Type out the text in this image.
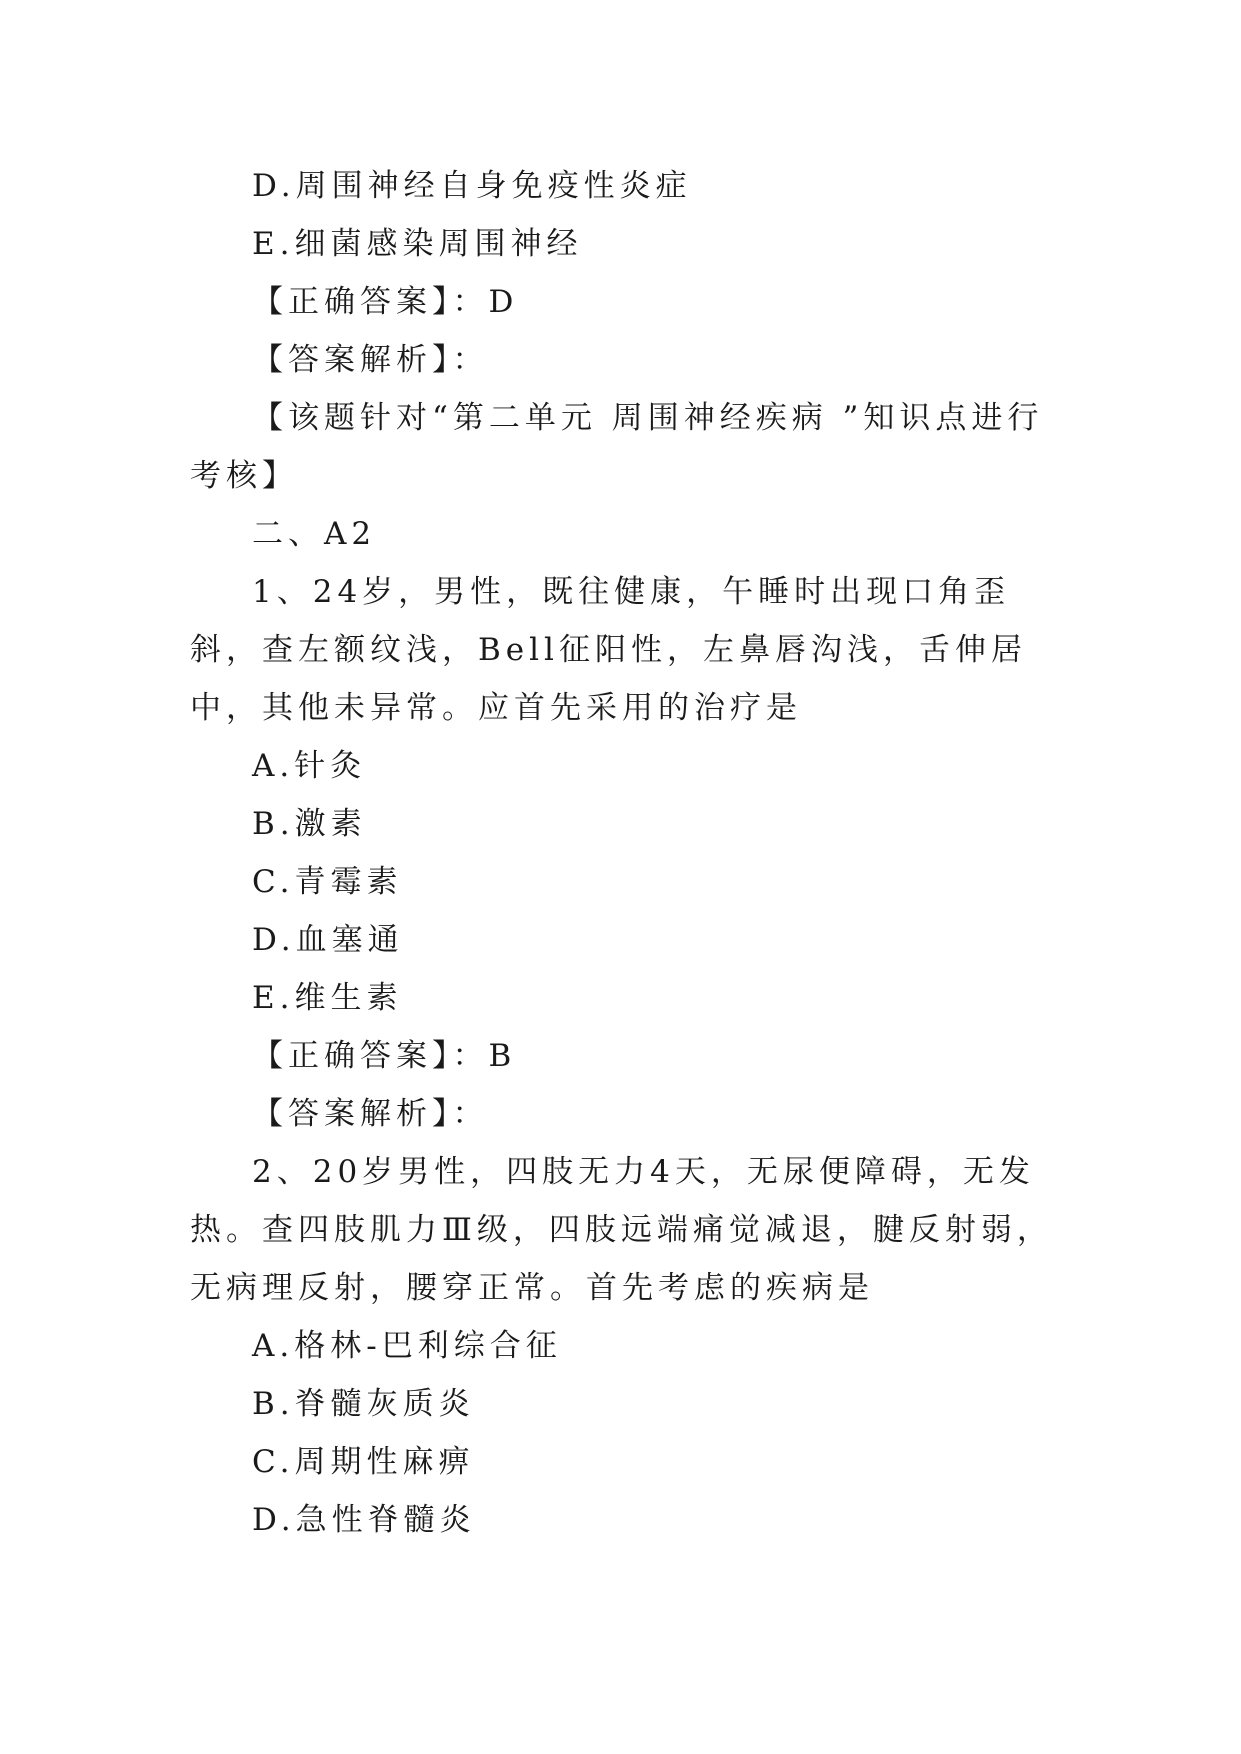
D.周围神经自身免疫性炎症

E.细菌感染周围神经

【正确答案】：D

【答案解析】：

【该题针对“第二单元 周围神经疾病 ”知识点进行考核】

二、A2

1、24岁，男性，既往健康，午睡时出现口角歪斜，查左额纹浅，Bell征阳性，左鼻唇沟浅，舌伸居中，其他未异常。应首先采用的治疗是

A.针灸

B.激素

C.青霉素

D.血塞通

E.维生素

【正确答案】：B

【答案解析】：

2、20岁男性，四肢无力4天，无尿便障碍，无发热。查四肢肌力Ⅲ级，四肢远端痛觉减退，腱反射弱，无病理反射，腰穿正常。首先考虑的疾病是

A.格林-巴利综合征

B.脊髓灰质炎

C.周期性麻痹

D.急性脊髓炎
